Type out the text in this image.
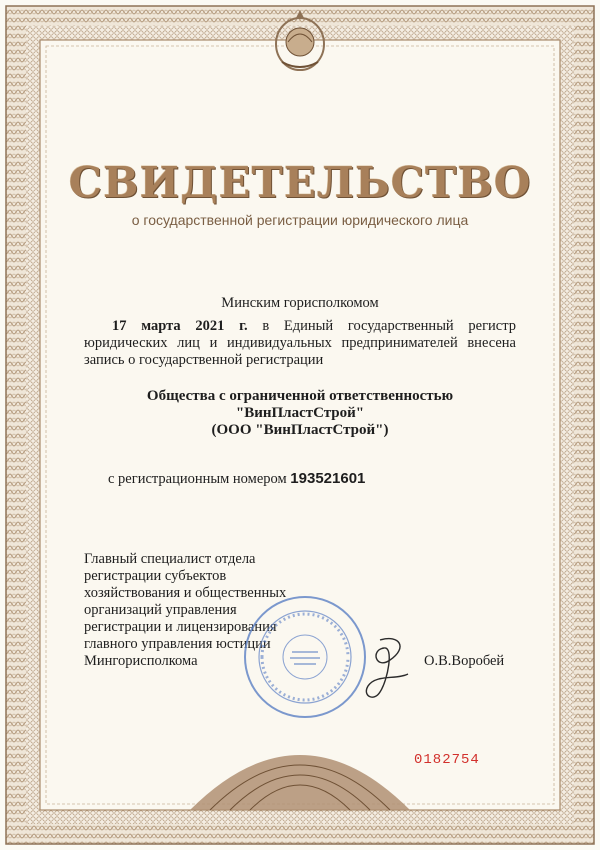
СВИДЕТЕЛЬСТВО
о государственной регистрации юридического лица
Минским горисполкомом
17 марта 2021 г. в Единый государственный регистр
юридических лиц и индивидуальных предпринимателей внесена
запись о государственной регистрации
Общества с ограниченной ответственностью
"ВинПластСтрой"
(ООО "ВинПластСтрой")
с регистрационным номером 193521601
Главный специалист отдела
регистрации субъектов
хозяйствования и общественных
организаций управления
регистрации и лицензирования
главного управления юстиции
Мингорисполкома	О.В.Воробей
0182754
